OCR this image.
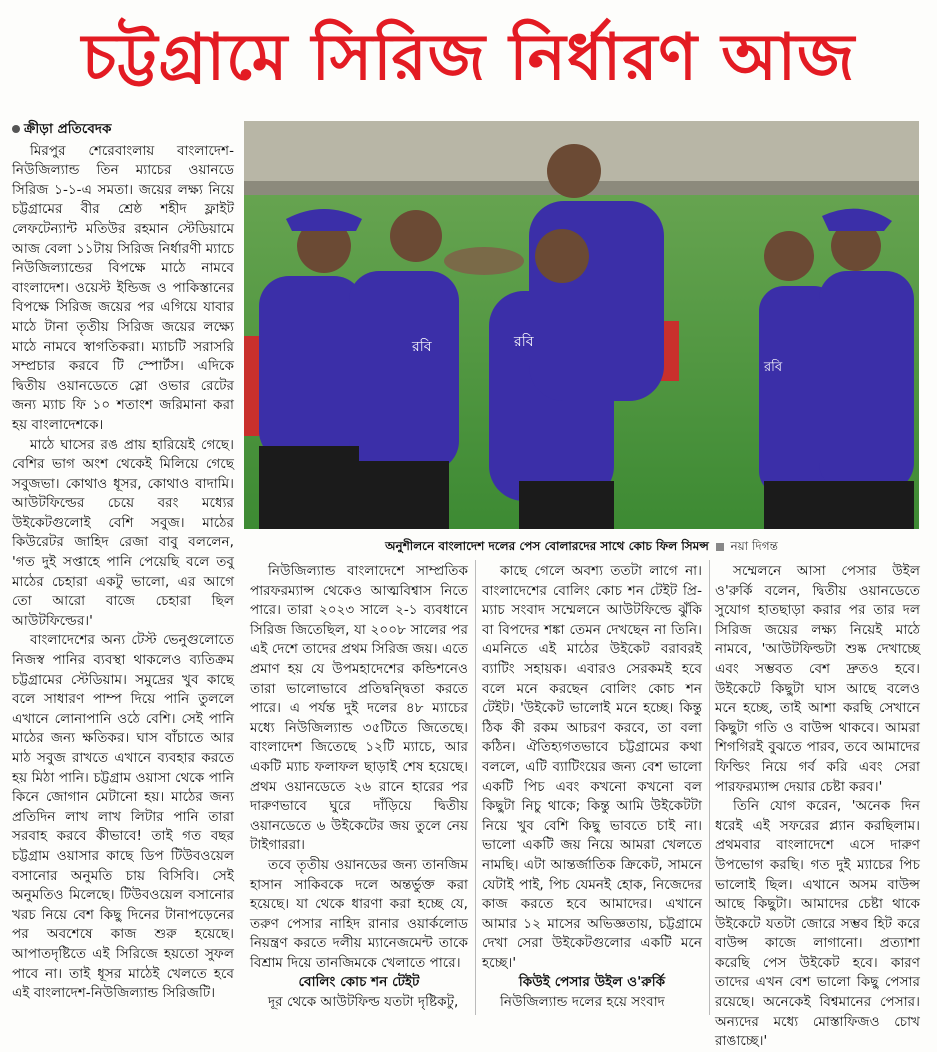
চট্টগ্রামে সিরিজ নির্ধারণ আজ
ক্রীড়া প্রতিবেদক

মিরপুর শেরেবাংলায় বাংলাদেশ-নিউজিল্যান্ড তিন ম্যাচের ওয়ানডে সিরিজ ১-১-এ সমতা। জয়ের লক্ষ্য নিয়ে চট্টগ্রামের বীর শ্রেষ্ঠ শহীদ ফ্লাইট লেফটেন্যান্ট মতিউর রহমান স্টেডিয়ামে আজ বেলা ১১টায় সিরিজ নির্ধারণী ম্যাচে নিউজিল্যান্ডের বিপক্ষে মাঠে নামবে বাংলাদেশ। ওয়েস্ট ইন্ডিজ ও পাকিস্তানের বিপক্ষে সিরিজ জয়ের পর এগিয়ে যাবার মাঠে টানা তৃতীয় সিরিজ জয়ের লক্ষ্যে মাঠে নামবে স্বাগতিকরা। ম্যাচটি সরাসরি সম্প্রচার করবে টি স্পোর্টস। এদিকে দ্বিতীয় ওয়ানডেতে স্লো ওভার রেটের জন্য ম্যাচ ফি ১০ শতাংশ জরিমানা করা হয় বাংলাদেশকে।

মাঠে ঘাসের রঙ প্রায় হারিয়েই গেছে। বেশির ভাগ অংশ থেকেই মিলিয়ে গেছে সবুজভা। কোথাও ধূসর, কোথাও বাদামি। আউটফিল্ডের চেয়ে বরং মধ্যের উইকেটগুলোই বেশি সবুজ। মাঠের কিউরেটর জাহিদ রেজা বাবু বললেন, 'গত দুই সপ্তাহে পানি পেয়েছি বলে তবু মাঠের চেহারা একটু ভালো, এর আগে তো আরো বাজে চেহারা ছিল আউটফিল্ডের।'

বাংলাদেশের অন্য টেস্ট ভেনুগুলোতে নিজস্ব পানির ব্যবস্থা থাকলেও ব্যতিক্রম চট্টগ্রামের স্টেডিয়াম। সমুদ্রের খুব কাছে বলে সাধারণ পাম্প দিয়ে পানি তুললে এখানে লোনাপানি ওঠে বেশি। সেই পানি মাঠের জন্য ক্ষতিকর। ঘাস বাঁচাতে আর মাঠ সবুজ রাখতে এখানে ব্যবহার করতে হয় মিঠা পানি। চট্টগ্রাম ওয়াসা থেকে পানি কিনে জোগান মেটানো হয়। মাঠের জন্য প্রতিদিন লাখ লাখ লিটার পানি তারা সরবাহ করবে কীভাবে! তাই গত বছর চট্টগ্রাম ওয়াসার কাছে ডিপ টিউবওয়েল বসানোর অনুমতি চায় বিসিবি। সেই অনুমতিও মিলেছে। টিউবওয়েল বসানোর খরচ নিয়ে বেশ কিছু দিনের টানাপড়েনের পর অবশেষে কাজ শুরু হয়েছে। আপাতদৃষ্টিতে এই সিরিজে হয়তো সুফল পাবে না। তাই ধূসর মাঠেই খেলতে হবে এই বাংলাদেশ-নিউজিল্যান্ড সিরিজটি।

রবি	রবি
রবি
অনুশীলনে বাংলাদেশ দলের পেস বোলারদের সাথে কোচ ফিল সিমন্স নয়া দিগন্ত

নিউজিল্যান্ড বাংলাদেশে সাম্প্রতিক পারফরম্যান্স থেকেও আত্মবিশ্বাস নিতে পারে। তারা ২০২৩ সালে ২-১ ব্যবধানে সিরিজ জিতেছিল, যা ২০০৮ সালের পর এই দেশে তাদের প্রথম সিরিজ জয়। এতে প্রমাণ হয় যে উপমহাদেশের কন্ডিশনেও তারা ভালোভাবে প্রতিদ্বন্দ্বিতা করতে পারে। এ পর্যন্ত দুই দলের ৪৮ ম্যাচের মধ্যে নিউজিল্যান্ড ৩৫টিতে জিতেছে। বাংলাদেশ জিতেছে ১২টি ম্যাচে, আর একটি ম্যাচ ফলাফল ছাড়াই শেষ হয়েছে। প্রথম ওয়ানডেতে ২৬ রানে হারের পর দারুণভাবে ঘুরে দাঁড়িয়ে দ্বিতীয় ওয়ানডেতে ৬ উইকেটের জয় তুলে নেয় টাইগাররা।

তবে তৃতীয় ওয়ানডের জন্য তানজিম হাসান সাকিবকে দলে অন্তর্ভুক্ত করা হয়েছে। যা থেকে ধারণা করা হচ্ছে যে, তরুণ পেসার নাহিদ রানার ওয়ার্কলোড নিয়ন্ত্রণ করতে দলীয় ম্যানেজমেন্ট তাকে বিশ্রাম দিয়ে তানজিমকে খেলাতে পারে।

বোলিং কোচ শন টেইট

দূর থেকে আউটফিল্ড যতটা দৃষ্টিকটু,

কাছে গেলে অবশ্য ততটা লাগে না। বাংলাদেশের বোলিং কোচ শন টেইট প্রি-ম্যাচ সংবাদ সম্মেলনে আউটফিল্ডে ঝুঁকি বা বিপদের শঙ্কা তেমন দেখছেন না তিনি। এমনিতে এই মাঠের উইকেট বরাবরই ব্যাটিং সহায়ক। এবারও সেরকমই হবে বলে মনে করছেন বোলিং কোচ শন টেইট। 'উইকেট ভালোই মনে হচ্ছে। কিন্তু ঠিক কী রকম আচরণ করবে, তা বলা কঠিন। ঐতিহ্যগতভাবে চট্টগ্রামের কথা বললে, এটি ব্যাটিংয়ের জন্য বেশ ভালো একটি পিচ এবং কখনো কখনো বল কিছুটা নিচু থাকে; কিন্তু আমি উইকেটটা নিয়ে খুব বেশি কিছু ভাবতে চাই না। ভালো একটি জয় নিয়ে আমরা খেলতে নামছি। এটা আন্তর্জাতিক ক্রিকেট, সামনে যেটাই পাই, পিচ যেমনই হোক, নিজেদের কাজ করতে হবে আমাদের। এখানে আমার ১২ মাসের অভিজ্ঞতায়, চট্টগ্রামে দেখা সেরা উইকেটগুলোর একটি মনে হচ্ছে।'

কিউই পেসার উইল ও'রুর্কি

নিউজিল্যান্ড দলের হয়ে সংবাদ

সম্মেলনে আসা পেসার উইল ও'রুর্কি বলেন, দ্বিতীয় ওয়ানডেতে সুযোগ হাতছাড়া করার পর তার দল সিরিজ জয়ের লক্ষ্য নিয়েই মাঠে নামবে, 'আউটফিল্ডটা শুষ্ক দেখাচ্ছে এবং সম্ভবত বেশ দ্রুতও হবে। উইকেটে কিছুটা ঘাস আছে বলেও মনে হচ্ছে, তাই আশা করছি সেখানে কিছুটা গতি ও বাউন্স থাকবে। আমরা শিগগিরই বুঝতে পারব, তবে আমাদের ফিল্ডিং নিয়ে গর্ব করি এবং সেরা পারফরম্যান্স দেয়ার চেষ্টা করব।'

তিনি যোগ করেন, 'অনেক দিন ধরেই এই সফরের প্ল্যান করছিলাম। প্রথমবার বাংলাদেশে এসে দারুণ উপভোগ করছি। গত দুই ম্যাচের পিচ ভালোই ছিল। এখানে অসম বাউন্স আছে কিছুটা। আমাদের চেষ্টা থাকে উইকেটে যতটা জোরে সম্ভব হিট করে বাউন্স কাজে লাগানো। প্রত্যাশা করেছি পেস উইকেট হবে। কারণ তাদের এখন বেশ ভালো কিছু পেসার রয়েছে। অনেকেই বিশ্বমানের পেসার। অন্যদের মধ্যে মোস্তাফিজও চোখ রাঙাচ্ছে।'
